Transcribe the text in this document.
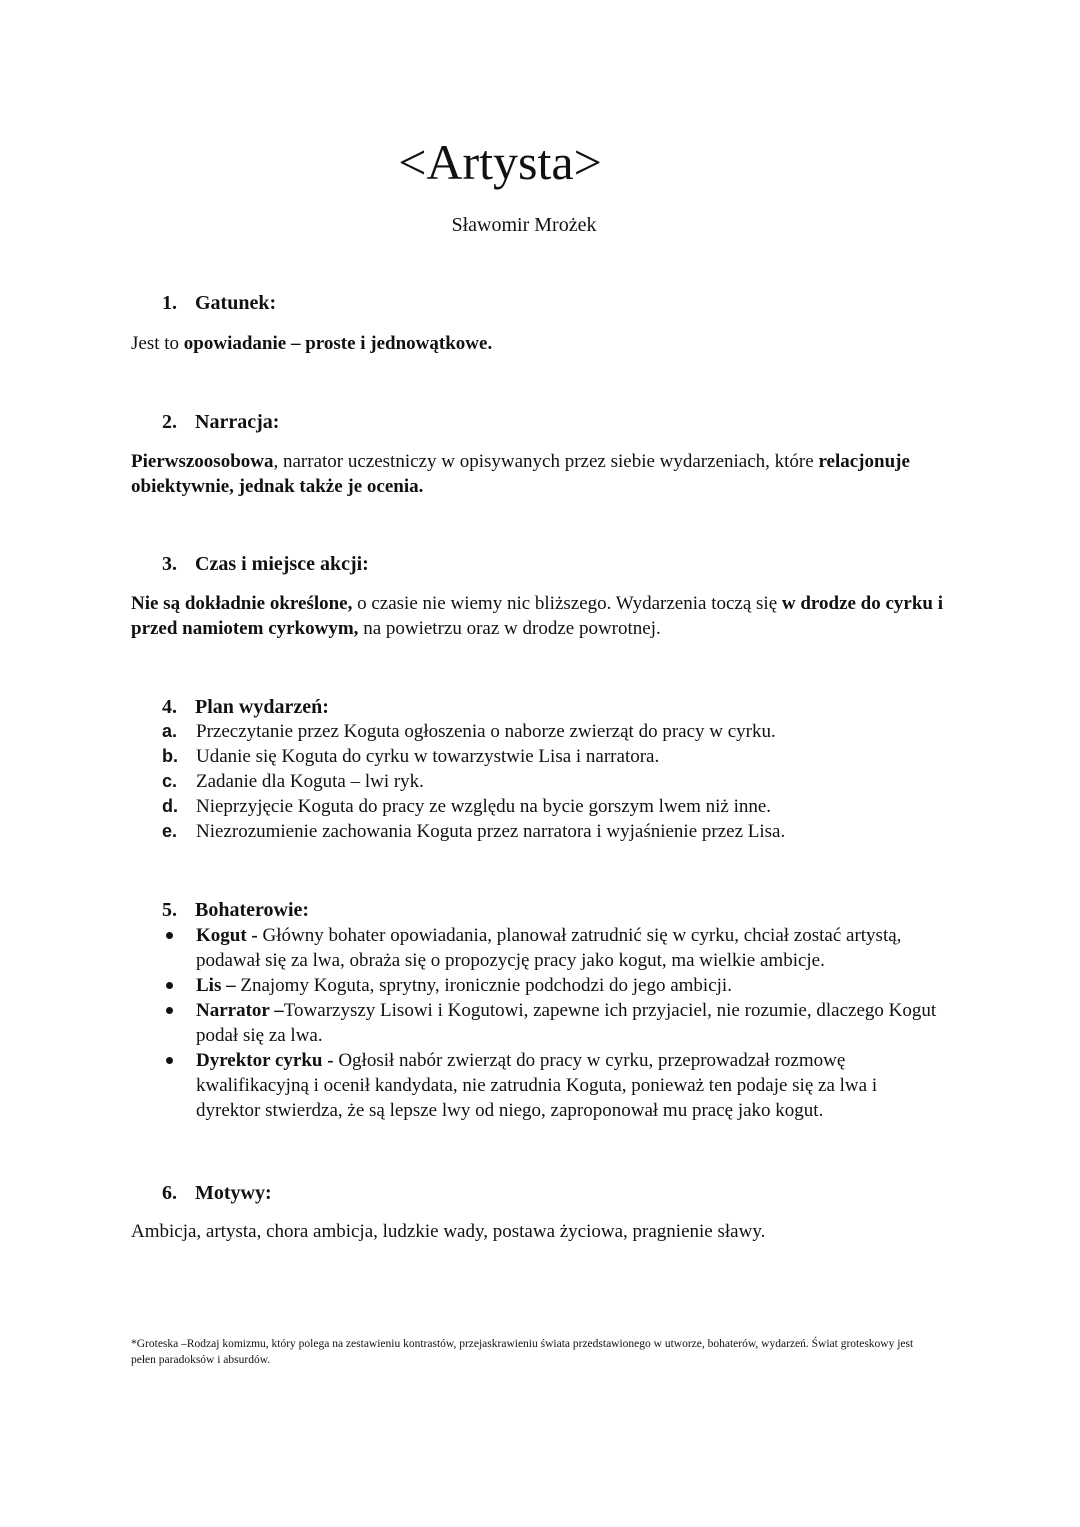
<Artysta>
Sławomir Mrożek
1. Gatunek:
Jest to opowiadanie – proste i jednowątkowe.
2. Narracja:
Pierwszoosobowa, narrator uczestniczy w opisywanych przez siebie wydarzeniach, które relacjonuje obiektywnie, jednak także je ocenia.
3. Czas i miejsce akcji:
Nie są dokładnie określone, o czasie nie wiemy nic bliższego. Wydarzenia toczą się w drodze do cyrku i przed namiotem cyrkowym, na powietrzu oraz w drodze powrotnej.
4. Plan wydarzeń:
a. Przeczytanie przez Koguta ogłoszenia o naborze zwierząt do pracy w cyrku.
b. Udanie się Koguta do cyrku w towarzystwie Lisa i narratora.
c. Zadanie dla Koguta – lwi ryk.
d. Nieprzyjęcie Koguta do pracy ze względu na bycie gorszym lwem niż inne.
e. Niezrozumienie zachowania Koguta przez narratora i wyjaśnienie przez Lisa.
5. Bohaterowie:
Kogut - Główny bohater opowiadania, planował zatrudnić się w cyrku, chciał zostać artystą, podawał się za lwa, obraża się o propozycję pracy jako kogut, ma wielkie ambicje.
Lis – Znajomy Koguta, sprytny, ironicznie podchodzi do jego ambicji.
Narrator –Towarzyszy Lisowi i Kogutowi, zapewne ich przyjaciel, nie rozumie, dlaczego Kogut podał się za lwa.
Dyrektor cyrku - Ogłosił nabór zwierząt do pracy w cyrku, przeprowadzał rozmowę kwalifikacyjną i ocenił kandydata, nie zatrudnia Koguta, ponieważ ten podaje się za lwa i dyrektor stwierdza, że są lepsze lwy od niego, zaproponował mu pracę jako kogut.
6. Motywy:
Ambicja, artysta, chora ambicja, ludzkie wady, postawa życiowa, pragnienie sławy.
*Groteska –Rodzaj komizmu, który polega na zestawieniu kontrastów, przejaskrawieniu świata przedstawionego w utworze, bohaterów, wydarzeń. Świat groteskowy jest pełen paradoksów i absurdów.
